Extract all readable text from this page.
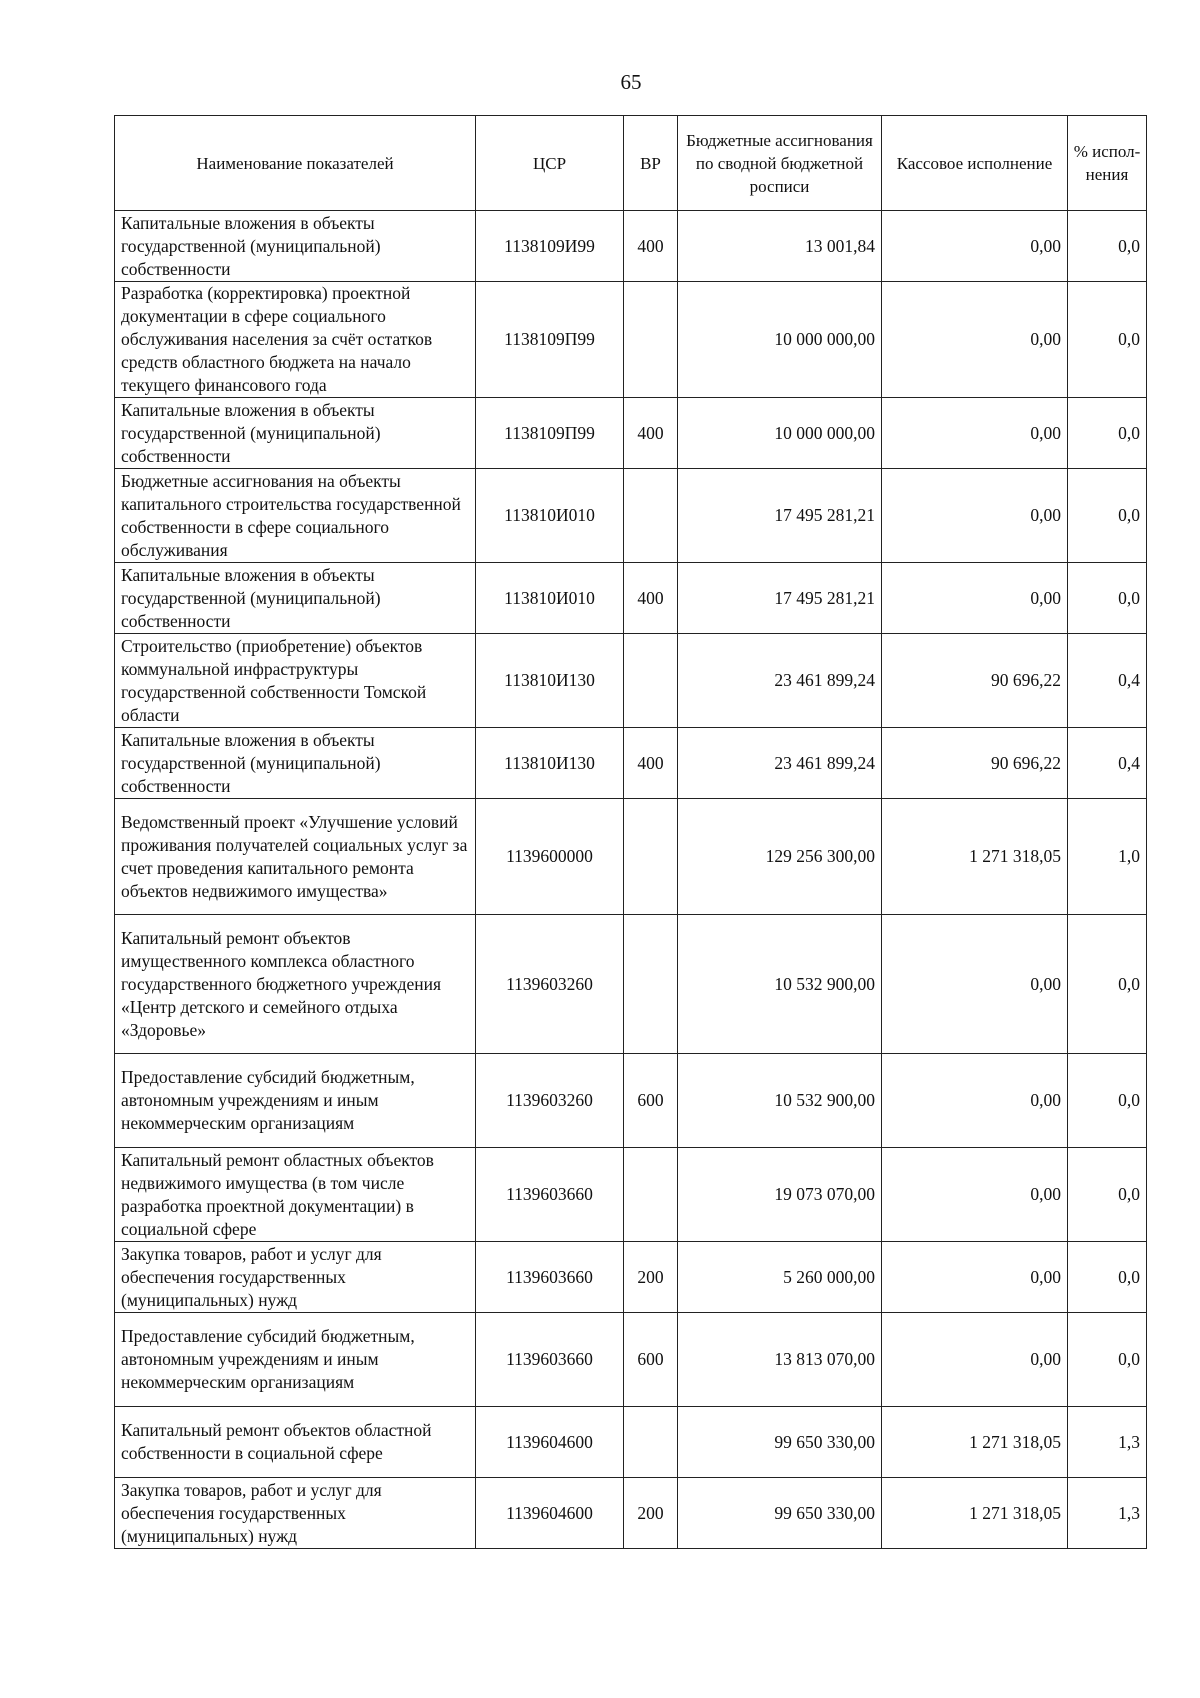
65
Наименование показателей	ЦСР	ВР	Бюджетные ассигнования по сводной бюджетной росписи	Кассовое исполнение	% испол-нения
Капитальные вложения в объекты государственной (муниципальной) собственности	1138109И99	400	13 001,84	0,00	0,0
Разработка (корректировка) проектной документации в сфере социального обслуживания населения за счёт остатков средств областного бюджета на начало текущего финансового года	1138109П99		10 000 000,00	0,00	0,0
Капитальные вложения в объекты государственной (муниципальной) собственности	1138109П99	400	10 000 000,00	0,00	0,0
Бюджетные ассигнования на объекты капитального строительства государственной собственности в сфере социального обслуживания	113810И010		17 495 281,21	0,00	0,0
Капитальные вложения в объекты государственной (муниципальной) собственности	113810И010	400	17 495 281,21	0,00	0,0
Строительство (приобретение) объектов коммунальной инфраструктуры государственной собственности Томской области	113810И130		23 461 899,24	90 696,22	0,4
Капитальные вложения в объекты государственной (муниципальной) собственности	113810И130	400	23 461 899,24	90 696,22	0,4
Ведомственный проект «Улучшение условий проживания получателей социальных услуг за счет проведения капитального ремонта объектов недвижимого имущества»	1139600000		129 256 300,00	1 271 318,05	1,0
Капитальный ремонт объектов имущественного комплекса областного государственного бюджетного учреждения «Центр детского и семейного отдыха «Здоровье»	1139603260		10 532 900,00	0,00	0,0
Предоставление субсидий бюджетным, автономным учреждениям и иным некоммерческим организациям	1139603260	600	10 532 900,00	0,00	0,0
Капитальный ремонт областных объектов недвижимого имущества (в том числе разработка проектной документации) в социальной сфере	1139603660		19 073 070,00	0,00	0,0
Закупка товаров, работ и услуг для обеспечения государственных (муниципальных) нужд	1139603660	200	5 260 000,00	0,00	0,0
Предоставление субсидий бюджетным, автономным учреждениям и иным некоммерческим организациям	1139603660	600	13 813 070,00	0,00	0,0
Капитальный ремонт объектов областной собственности в социальной сфере	1139604600		99 650 330,00	1 271 318,05	1,3
Закупка товаров, работ и услуг для обеспечения государственных (муниципальных) нужд	1139604600	200	99 650 330,00	1 271 318,05	1,3
